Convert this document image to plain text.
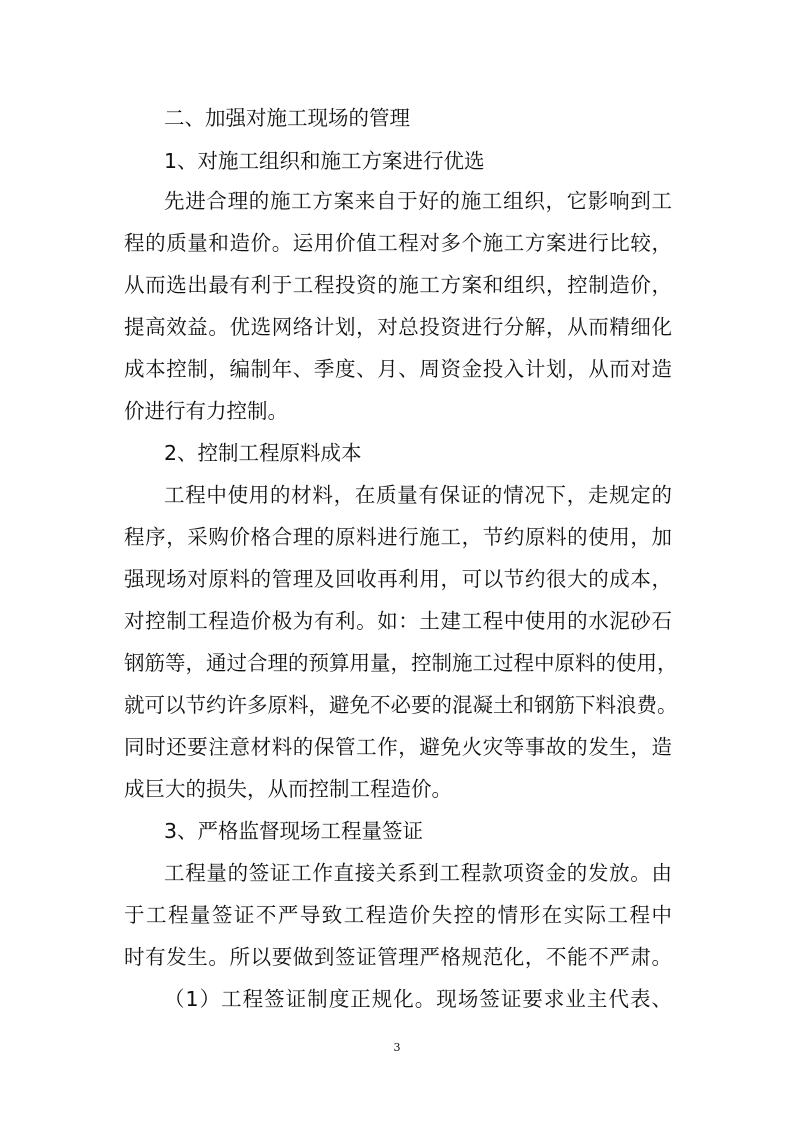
二、加强对施工现场的管理
1、对施工组织和施工方案进行优选
先进合理的施工方案来自于好的施工组织，它影响到工
程的质量和造价。运用价值工程对多个施工方案进行比较，
从而选出最有利于工程投资的施工方案和组织，控制造价，
提高效益。优选网络计划，对总投资进行分解，从而精细化
成本控制，编制年、季度、月、周资金投入计划，从而对造
价进行有力控制。
2、控制工程原料成本
工程中使用的材料，在质量有保证的情况下，走规定的
程序，采购价格合理的原料进行施工，节约原料的使用，加
强现场对原料的管理及回收再利用，可以节约很大的成本，
对控制工程造价极为有利。如：土建工程中使用的水泥砂石
钢筋等，通过合理的预算用量，控制施工过程中原料的使用，
就可以节约许多原料，避免不必要的混凝土和钢筋下料浪费。
同时还要注意材料的保管工作，避免火灾等事故的发生，造
成巨大的损失，从而控制工程造价。
3、严格监督现场工程量签证
工程量的签证工作直接关系到工程款项资金的发放。由
于工程量签证不严导致工程造价失控的情形在实际工程中
时有发生。所以要做到签证管理严格规范化，不能不严肃。
（1）工程签证制度正规化。现场签证要求业主代表、
3
